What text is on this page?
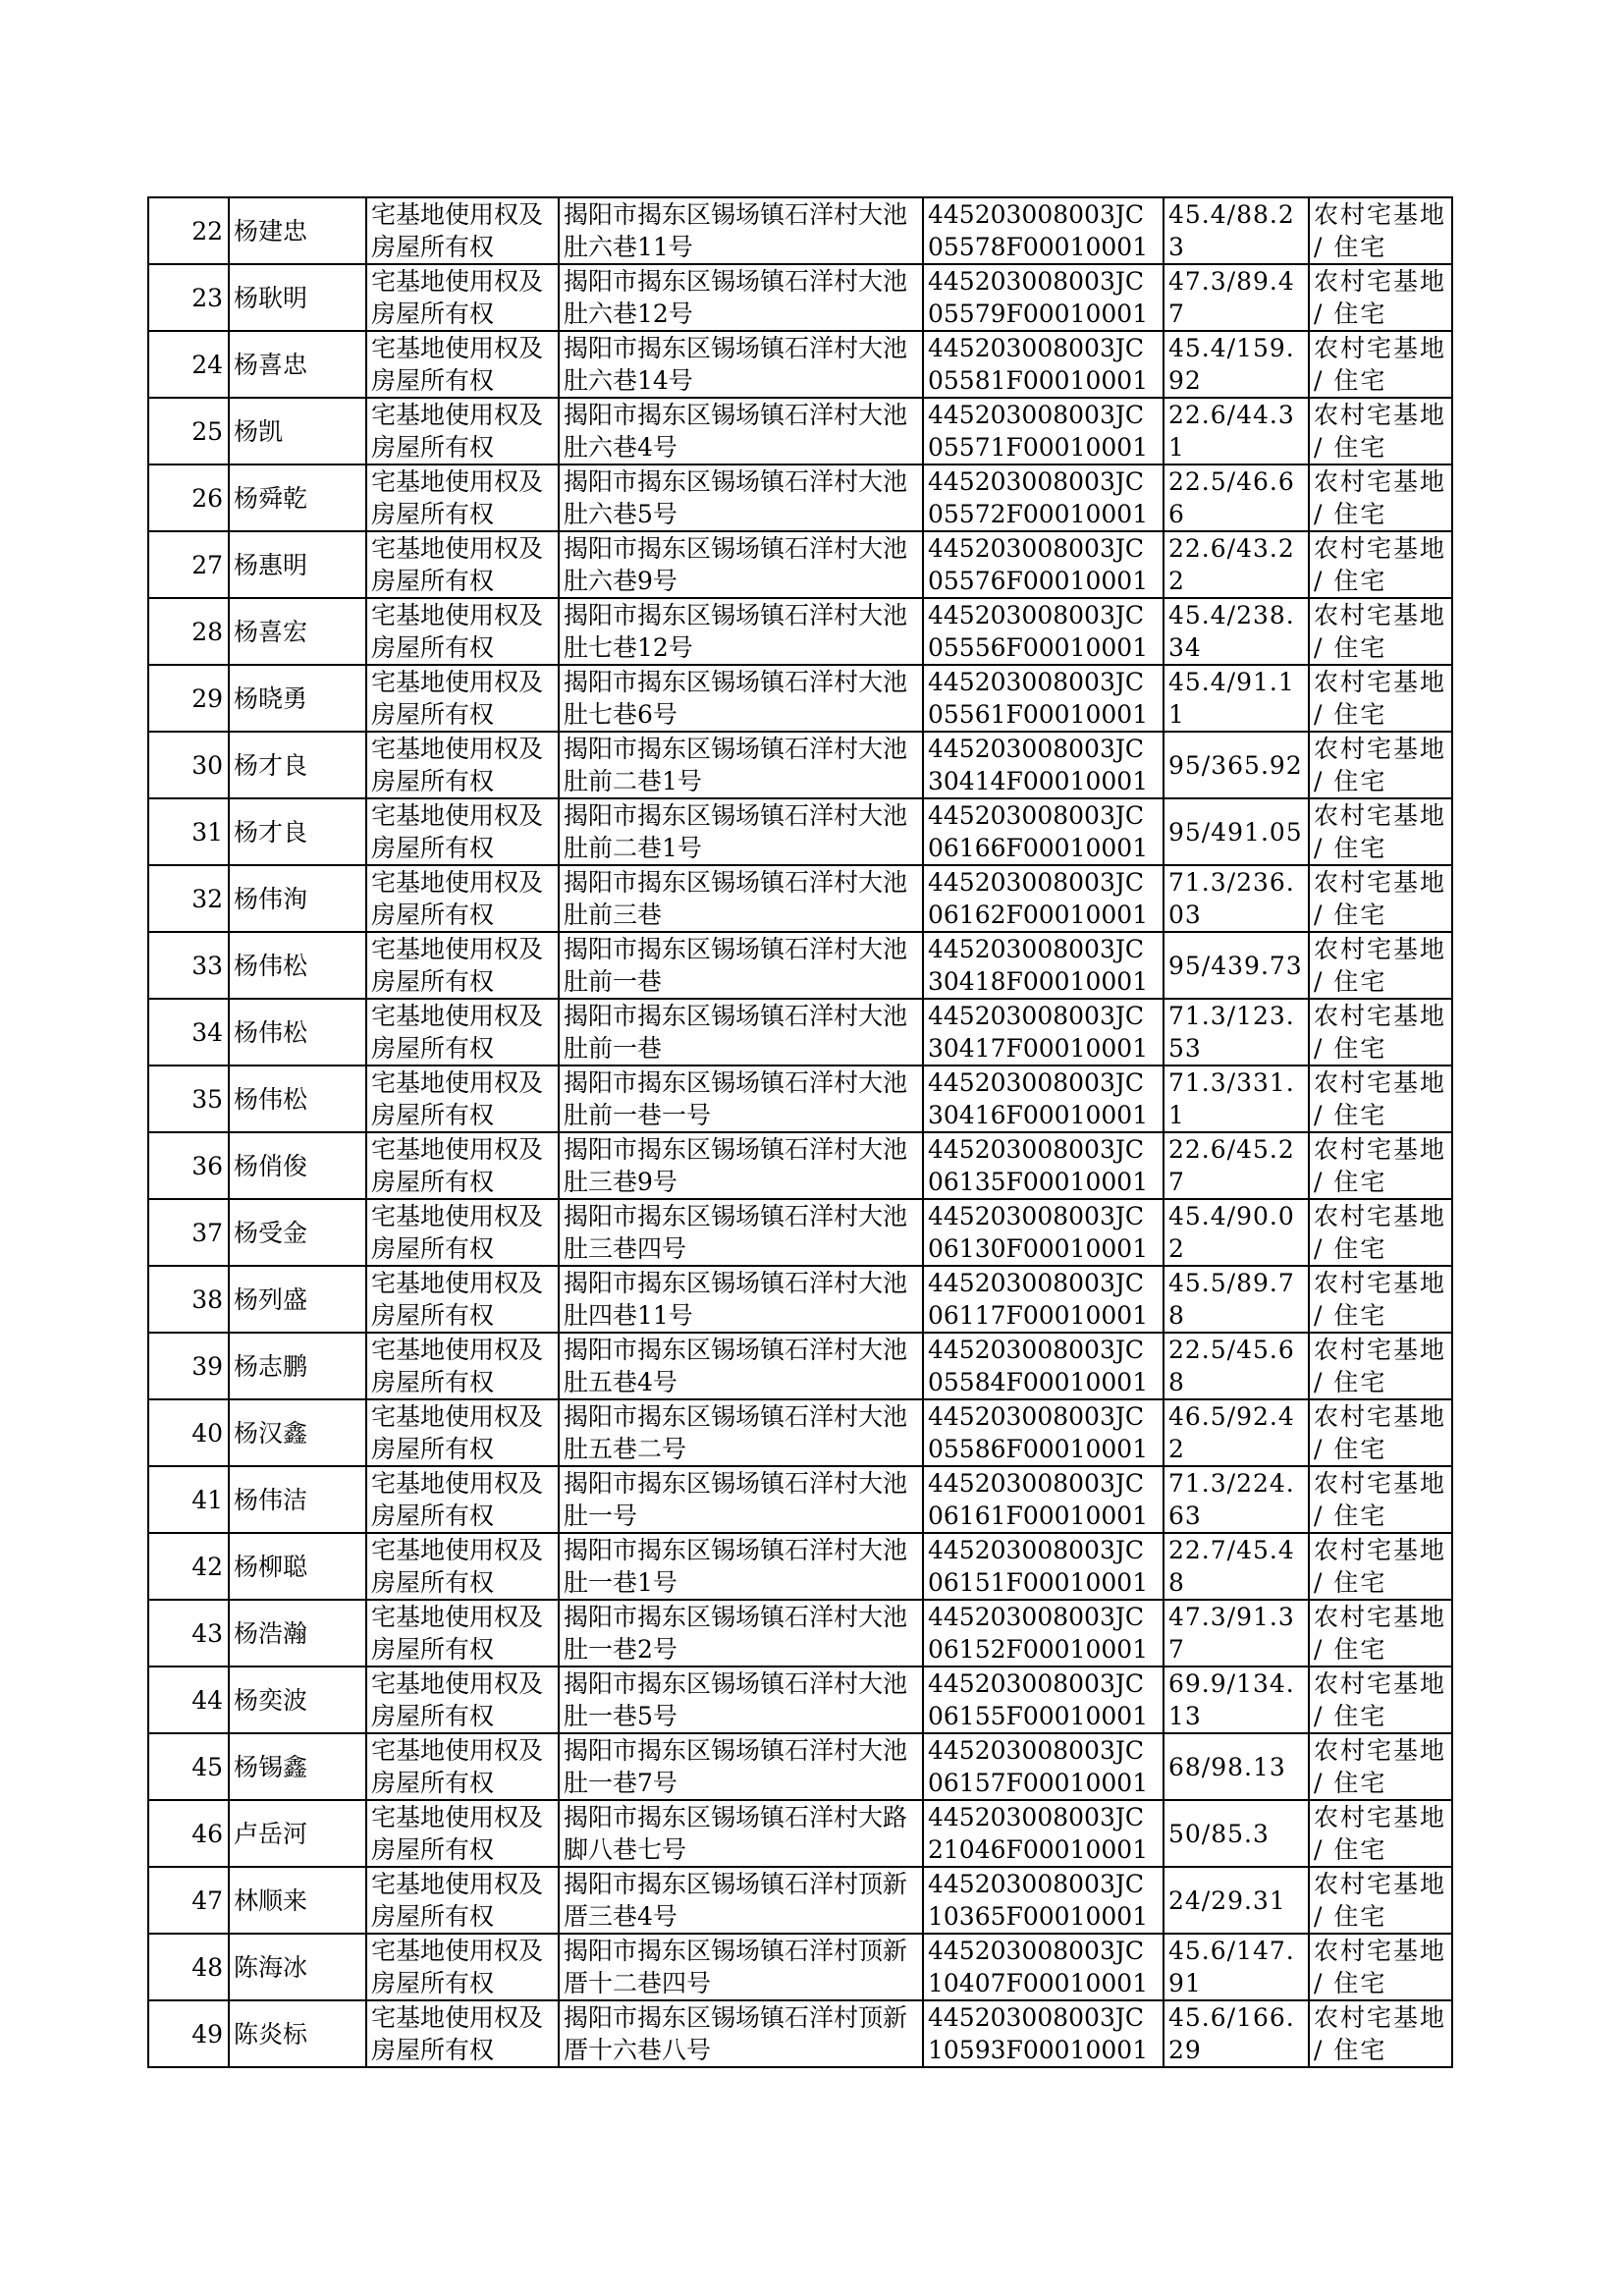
22	杨建忠	宅基地使用权及房屋所有权	揭阳市揭东区锡场镇石洋村大池肚六巷11号	445203008003JC05578F00010001	45.4/88.23	农村宅基地 / 住宅
23	杨耿明	宅基地使用权及房屋所有权	揭阳市揭东区锡场镇石洋村大池肚六巷12号	445203008003JC05579F00010001	47.3/89.47	农村宅基地 / 住宅
24	杨喜忠	宅基地使用权及房屋所有权	揭阳市揭东区锡场镇石洋村大池肚六巷14号	445203008003JC05581F00010001	45.4/159.92	农村宅基地 / 住宅
25	杨凯	宅基地使用权及房屋所有权	揭阳市揭东区锡场镇石洋村大池肚六巷4号	445203008003JC05571F00010001	22.6/44.31	农村宅基地 / 住宅
26	杨舜乾	宅基地使用权及房屋所有权	揭阳市揭东区锡场镇石洋村大池肚六巷5号	445203008003JC05572F00010001	22.5/46.66	农村宅基地 / 住宅
27	杨惠明	宅基地使用权及房屋所有权	揭阳市揭东区锡场镇石洋村大池肚六巷9号	445203008003JC05576F00010001	22.6/43.22	农村宅基地 / 住宅
28	杨喜宏	宅基地使用权及房屋所有权	揭阳市揭东区锡场镇石洋村大池肚七巷12号	445203008003JC05556F00010001	45.4/238.34	农村宅基地 / 住宅
29	杨晓勇	宅基地使用权及房屋所有权	揭阳市揭东区锡场镇石洋村大池肚七巷6号	445203008003JC05561F00010001	45.4/91.11	农村宅基地 / 住宅
30	杨才良	宅基地使用权及房屋所有权	揭阳市揭东区锡场镇石洋村大池肚前二巷1号	445203008003JC30414F00010001	95/365.92	农村宅基地 / 住宅
31	杨才良	宅基地使用权及房屋所有权	揭阳市揭东区锡场镇石洋村大池肚前二巷1号	445203008003JC06166F00010001	95/491.05	农村宅基地 / 住宅
32	杨伟洵	宅基地使用权及房屋所有权	揭阳市揭东区锡场镇石洋村大池肚前三巷	445203008003JC06162F00010001	71.3/236.03	农村宅基地 / 住宅
33	杨伟松	宅基地使用权及房屋所有权	揭阳市揭东区锡场镇石洋村大池肚前一巷	445203008003JC30418F00010001	95/439.73	农村宅基地 / 住宅
34	杨伟松	宅基地使用权及房屋所有权	揭阳市揭东区锡场镇石洋村大池肚前一巷	445203008003JC30417F00010001	71.3/123.53	农村宅基地 / 住宅
35	杨伟松	宅基地使用权及房屋所有权	揭阳市揭东区锡场镇石洋村大池肚前一巷一号	445203008003JC30416F00010001	71.3/331.1	农村宅基地 / 住宅
36	杨俏俊	宅基地使用权及房屋所有权	揭阳市揭东区锡场镇石洋村大池肚三巷9号	445203008003JC06135F00010001	22.6/45.27	农村宅基地 / 住宅
37	杨受金	宅基地使用权及房屋所有权	揭阳市揭东区锡场镇石洋村大池肚三巷四号	445203008003JC06130F00010001	45.4/90.02	农村宅基地 / 住宅
38	杨列盛	宅基地使用权及房屋所有权	揭阳市揭东区锡场镇石洋村大池肚四巷11号	445203008003JC06117F00010001	45.5/89.78	农村宅基地 / 住宅
39	杨志鹏	宅基地使用权及房屋所有权	揭阳市揭东区锡场镇石洋村大池肚五巷4号	445203008003JC05584F00010001	22.5/45.68	农村宅基地 / 住宅
40	杨汉鑫	宅基地使用权及房屋所有权	揭阳市揭东区锡场镇石洋村大池肚五巷二号	445203008003JC05586F00010001	46.5/92.42	农村宅基地 / 住宅
41	杨伟洁	宅基地使用权及房屋所有权	揭阳市揭东区锡场镇石洋村大池肚一号	445203008003JC06161F00010001	71.3/224.63	农村宅基地 / 住宅
42	杨柳聪	宅基地使用权及房屋所有权	揭阳市揭东区锡场镇石洋村大池肚一巷1号	445203008003JC06151F00010001	22.7/45.48	农村宅基地 / 住宅
43	杨浩瀚	宅基地使用权及房屋所有权	揭阳市揭东区锡场镇石洋村大池肚一巷2号	445203008003JC06152F00010001	47.3/91.37	农村宅基地 / 住宅
44	杨奕波	宅基地使用权及房屋所有权	揭阳市揭东区锡场镇石洋村大池肚一巷5号	445203008003JC06155F00010001	69.9/134.13	农村宅基地 / 住宅
45	杨锡鑫	宅基地使用权及房屋所有权	揭阳市揭东区锡场镇石洋村大池肚一巷7号	445203008003JC06157F00010001	68/98.13	农村宅基地 / 住宅
46	卢岳河	宅基地使用权及房屋所有权	揭阳市揭东区锡场镇石洋村大路脚八巷七号	445203008003JC21046F00010001	50/85.3	农村宅基地 / 住宅
47	林顺来	宅基地使用权及房屋所有权	揭阳市揭东区锡场镇石洋村顶新厝三巷4号	445203008003JC10365F00010001	24/29.31	农村宅基地 / 住宅
48	陈海冰	宅基地使用权及房屋所有权	揭阳市揭东区锡场镇石洋村顶新厝十二巷四号	445203008003JC10407F00010001	45.6/147.91	农村宅基地 / 住宅
49	陈炎标	宅基地使用权及房屋所有权	揭阳市揭东区锡场镇石洋村顶新厝十六巷八号	445203008003JC10593F00010001	45.6/166.29	农村宅基地 / 住宅
